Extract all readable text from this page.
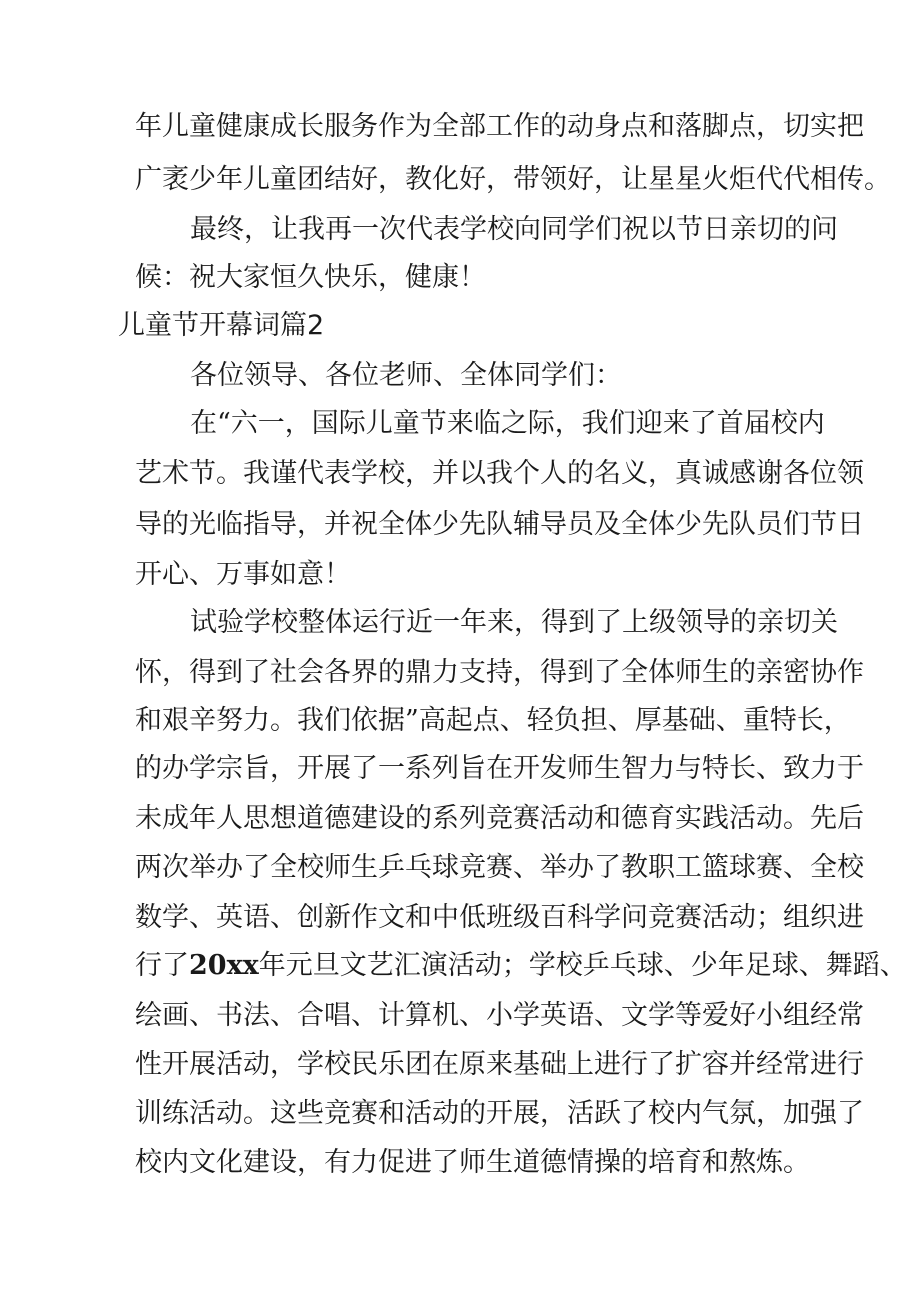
年儿童健康成长服务作为全部工作的动身点和落脚点，切实把
广袤少年儿童团结好，教化好，带领好，让星星火炬代代相传。
最终，让我再一次代表学校向同学们祝以节日亲切的问
候：祝大家恒久快乐，健康！
儿童节开幕词篇2
各位领导、各位老师、全体同学们：
在“六一，国际儿童节来临之际，我们迎来了首届校内
艺术节。我谨代表学校，并以我个人的名义，真诚感谢各位领
导的光临指导，并祝全体少先队辅导员及全体少先队员们节日
开心、万事如意！
试验学校整体运行近一年来，得到了上级领导的亲切关
怀，得到了社会各界的鼎力支持，得到了全体师生的亲密协作
和艰辛努力。我们依据”高起点、轻负担、厚基础、重特长，
的办学宗旨，开展了一系列旨在开发师生智力与特长、致力于
未成年人思想道德建设的系列竞赛活动和德育实践活动。先后
两次举办了全校师生乒乓球竞赛、举办了教职工篮球赛、全校
数学、英语、创新作文和中低班级百科学问竞赛活动；组织进
行了20xx年元旦文艺汇演活动；学校乒乓球、少年足球、舞蹈、
绘画、书法、合唱、计算机、小学英语、文学等爱好小组经常
性开展活动，学校民乐团在原来基础上进行了扩容并经常进行
训练活动。这些竞赛和活动的开展，活跃了校内气氛，加强了
校内文化建设，有力促进了师生道德情操的培育和熬炼。
